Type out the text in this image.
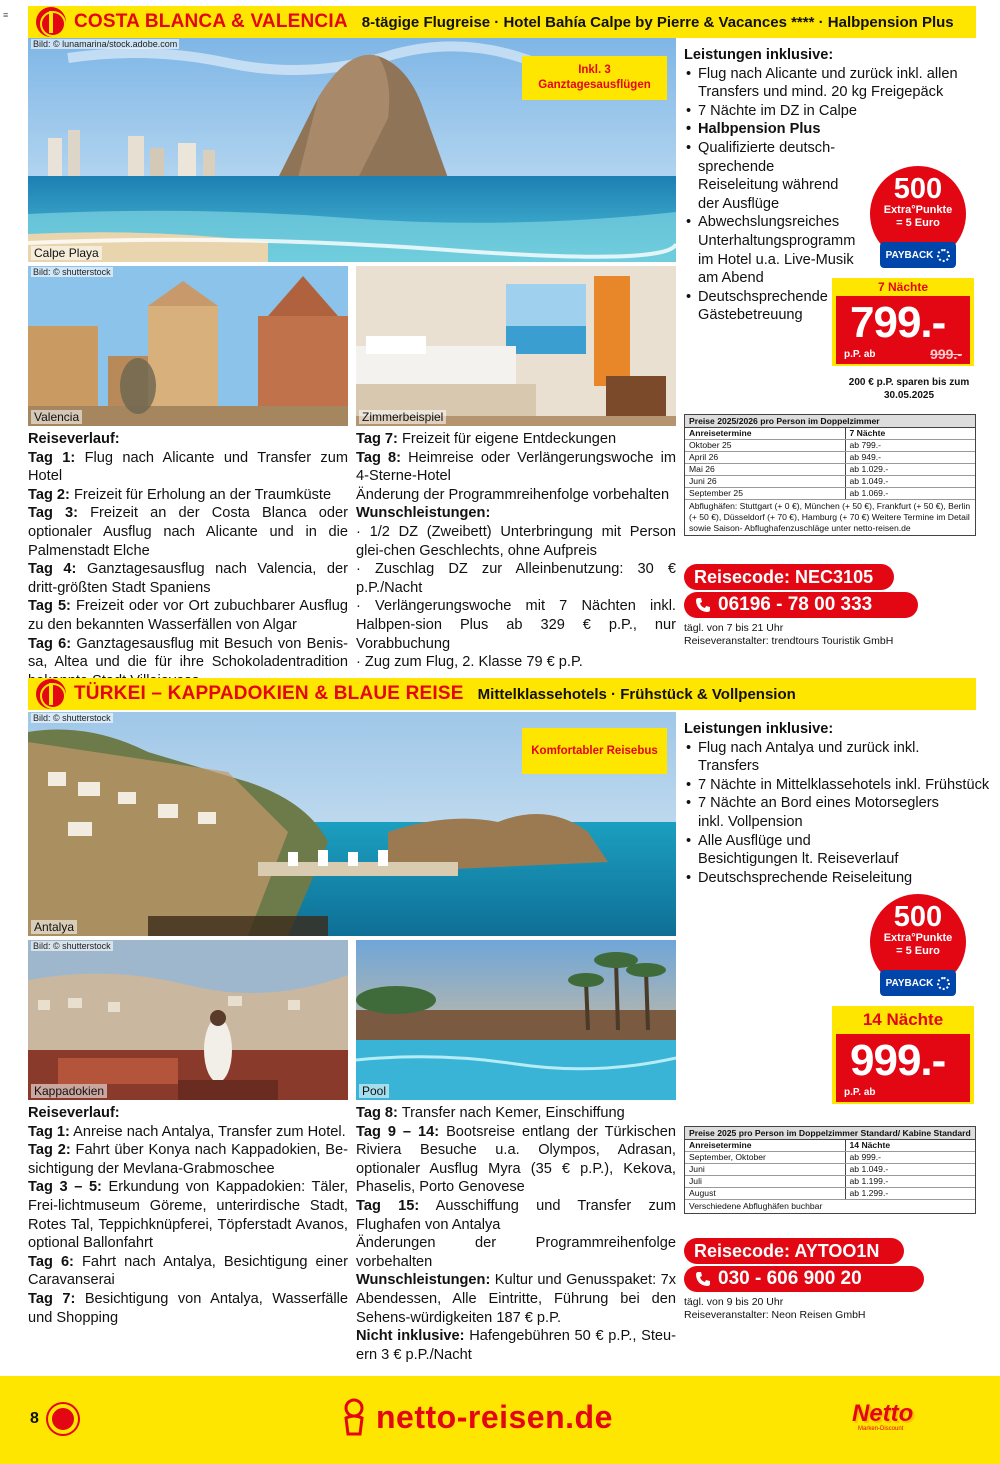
≡	COSTA BLANCA & VALENCIA 8-tägige Flugreise · Hotel Bahía Calpe by Pierre & Vacances **** · Halbpension Plus
Bild: © lunamarina/stock.adobe.com
Calpe Playa
Inkl. 3 Ganztagesausflügen
Bild: © shutterstock
Valencia	Zimmerbeispiel

Leistungen inklusive:

• Flug nach Alicante und zurück inkl. allen Transfers und mind. 20 kg Freigepäck
• 7 Nächte im DZ in Calpe
• Halbpension Plus
• Qualifizierte deutsch-sprechende Reiseleitung während der Ausflüge
• Abwechslungsreiches Unterhaltungsprogramm im Hotel u.a. Live-Musik am Abend
• Deutschsprechende Gästebetreuung
500
Extra°Punkte
= 5 Euro
PAYBACK
7 Nächte
799.-
p.P. ab	999.-
200 € p.P. sparen bis zum 30.05.2025

Reiseverlauf:

Tag 1: Flug nach Alicante und Transfer zum Hotel

Tag 2: Freizeit für Erholung an der Traumküste

Tag 3: Freizeit an der Costa Blanca oder optionaler Ausflug nach Alicante und in die Palmenstadt Elche

Tag 4: Ganztagesausflug nach Valencia, der dritt-größten Stadt Spaniens

Tag 5: Freizeit oder vor Ort zubuchbarer Ausflug zu den bekannten Wasserfällen von Algar

Tag 6: Ganztagesausflug mit Besuch von Benis-sa, Altea und die für ihre Schokoladentradition

Tag 7: Freizeit für eigene Entdeckungen

Tag 8: Heimreise oder Verlängerungswoche im 4-Sterne-Hotel

Änderung der Programmreihenfolge vorbehalten

Wunschleistungen:

· 1/2 DZ (Zweibett) Unterbringung mit Person glei-chen Geschlechts, ohne Aufpreis

· Zuschlag DZ zur Alleinbenutzung: 30 € p.P./Nacht

· Verlängerungswoche mit 7 Nächten inkl. Halbpen-sion Plus ab 329 € p.P., nur Vorabbuchung

· Zug zum Flug, 2. Klasse 79 € p.P.

Preise 2025/2026 pro Person im Doppelzimmer
Anreisetermine	7 Nächte
Oktober 25	ab 799.-
April 26	ab 949.-
Mai 26	ab 1.029.-
Juni 26	ab 1.049.-
September 25	ab 1.069.-
Abflughäfen: Stuttgart (+ 0 €), München (+ 50 €), Frankfurt (+ 50 €), Berlin (+ 50 €), Düsseldorf (+ 70 €), Hamburg (+ 70 €) Weitere Termine im Detail sowie Saison- Abflughafenzuschläge unter netto-reisen.de
Reisecode: NEC3105
06196 - 78 00 333
tägl. von 7 bis 21 Uhr
Reiseveranstalter: trendtours Touristik GmbH
TÜRKEI – KAPPADOKIEN & BLAUE REISE Mittelklassehotels · Frühstück & Vollpension
Bild: © shutterstock
Antalya
Komfortabler Reisebus
Bild: © shutterstock
Kappadokien	Pool

Leistungen inklusive:

• Flug nach Antalya und zurück inkl. Transfers
• 7 Nächte in Mittelklassehotels inkl. Frühstück
• 7 Nächte an Bord eines Motorseglers inkl. Vollpension
• Alle Ausflüge und Besichtigungen lt. Reiseverlauf
• Deutschsprechende Reiseleitung
500
Extra°Punkte
= 5 Euro
PAYBACK
14 Nächte
999.-
p.P. ab

Reiseverlauf:

Tag 1: Anreise nach Antalya, Transfer zum Hotel.

Tag 2: Fahrt über Konya nach Kappadokien, Be-sichtigung der Mevlana-Grabmoschee

Tag 3 – 5: Erkundung von Kappadokien: Täler, Frei-lichtmuseum Göreme, unterirdische Stadt, Rotes Tal, Teppichknüpferei, Töpferstadt Avanos, optional Ballonfahrt

Tag 6: Fahrt nach Antalya, Besichtigung einer Caravanserai

Tag 7: Besichtigung von Antalya, Wasserfälle und Shopping

Tag 8: Transfer nach Kemer, Einschiffung

Tag 9 – 14: Bootsreise entlang der Türkischen Riviera Besuche u.a. Olympos, Adrasan, optionaler Ausflug Myra (35 € p.P.), Kekova, Phaselis, Porto Genovese

Tag 15: Ausschiffung und Transfer zum Flughafen von Antalya

Änderungen der Programmreihenfolge vorbehalten

Wunschleistungen: Kultur und Genusspaket: 7x Abendessen, Alle Eintritte, Führung bei den Sehens-würdigkeiten 187 € p.P.

Nicht inklusive: Hafengebühren 50 € p.P., Steu-ern 3 € p.P./Nacht

Preise 2025 pro Person im Doppelzimmer Standard/ Kabine Standard
Anreisetermine	14 Nächte
September, Oktober	ab 999.-
Juni	ab 1.049.-
Juli	ab 1.199.-
August	ab 1.299.-
Verschiedene Abflughäfen buchbar
Reisecode: AYTOO1N
030 - 606 900 20
tägl. von 9 bis 20 Uhr
Reiseveranstalter: Neon Reisen GmbH
8	netto-reisen.de	Netto
Marken-Discount
